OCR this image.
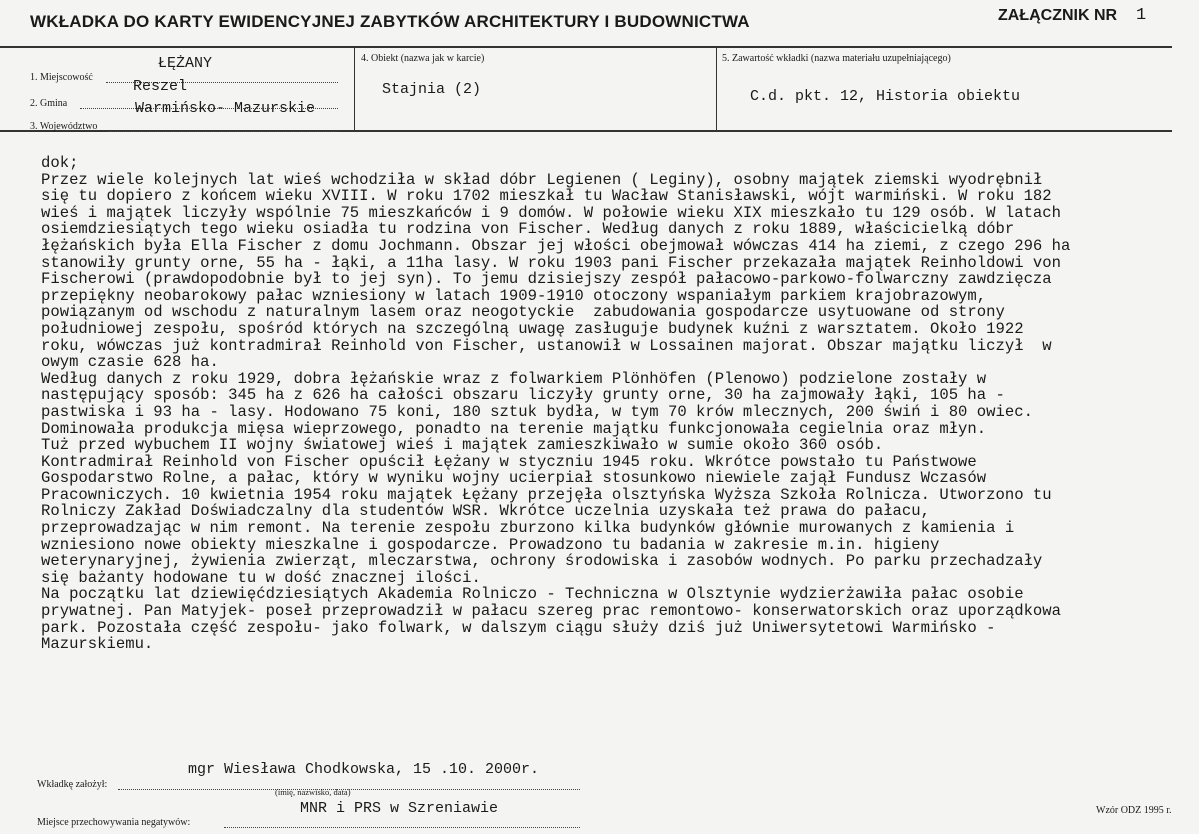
WKŁADKA DO KARTY EWIDENCYJNEJ ZABYTKÓW ARCHITEKTURY I BUDOWNICTWA	ZAŁĄCZNIK NR 1
1. Miejscowość
2. Gmina
3. Województwo
ŁĘŻANY
Reszel
Warmińsko- Mazurskie
4. Obiekt (nazwa jak w karcie)
Stajnia (2)
5. Zawartość wkładki (nazwa materiału uzupełniającego)
C.d. pkt. 12, Historia obiektu
dok;
Przez wiele kolejnych lat wieś wchodziła w skład dóbr Legienen ( Leginy), osobny majątek ziemski wyodrębnił
się tu dopiero z końcem wieku XVIII. W roku 1702 mieszkał tu Wacław Stanisławski, wójt warmiński. W roku 182
wieś i majątek liczyły wspólnie 75 mieszkańców i 9 domów. W połowie wieku XIX mieszkało tu 129 osób. W latach
osiemdziesiątych tego wieku osiadła tu rodzina von Fischer. Według danych z roku 1889, właścicielką dóbr
łężańskich była Ella Fischer z domu Jochmann. Obszar jej włości obejmował wówczas 414 ha ziemi, z czego 296 ha
stanowiły grunty orne, 55 ha - łąki, a 11ha lasy. W roku 1903 pani Fischer przekazała majątek Reinholdowi von
Fischerowi (prawdopodobnie był to jej syn). To jemu dzisiejszy zespół pałacowo-parkowo-folwarczny zawdzięcza
przepiękny neobarokowy pałac wzniesiony w latach 1909-1910 otoczony wspaniałym parkiem krajobrazowym,
powiązanym od wschodu z naturalnym lasem oraz neogotyckie  zabudowania gospodarcze usytuowane od strony
południowej zespołu, spośród których na szczególną uwagę zasługuje budynek kuźni z warsztatem. Około 1922
roku, wówczas już kontradmirał Reinhold von Fischer, ustanowił w Lossainen majorat. Obszar majątku liczył  w
owym czasie 628 ha.
Według danych z roku 1929, dobra łężańskie wraz z folwarkiem Plönhöfen (Plenowo) podzielone zostały w
następujący sposób: 345 ha z 626 ha całości obszaru liczyły grunty orne, 30 ha zajmowały łąki, 105 ha -
pastwiska i 93 ha - lasy. Hodowano 75 koni, 180 sztuk bydła, w tym 70 krów mlecznych, 200 świń i 80 owiec.
Dominowała produkcja mięsa wieprzowego, ponadto na terenie majątku funkcjonowała cegielnia oraz młyn.
Tuż przed wybuchem II wojny światowej wieś i majątek zamieszkiwało w sumie około 360 osób.
Kontradmirał Reinhold von Fischer opuścił Łężany w styczniu 1945 roku. Wkrótce powstało tu Państwowe
Gospodarstwo Rolne, a pałac, który w wyniku wojny ucierpiał stosunkowo niewiele zajął Fundusz Wczasów
Pracowniczych. 10 kwietnia 1954 roku majątek Łężany przejęła olsztyńska Wyższa Szkoła Rolnicza. Utworzono tu
Rolniczy Zakład Doświadczalny dla studentów WSR. Wkrótce uczelnia uzyskała też prawa do pałacu,
przeprowadzając w nim remont. Na terenie zespołu zburzono kilka budynków głównie murowanych z kamienia i
wzniesiono nowe obiekty mieszkalne i gospodarcze. Prowadzono tu badania w zakresie m.in. higieny
weterynaryjnej, żywienia zwierząt, mleczarstwa, ochrony środowiska i zasobów wodnych. Po parku przechadzały
się bażanty hodowane tu w dość znacznej ilości.
Na początku lat dziewięćdziesiątych Akademia Rolniczo - Techniczna w Olsztynie wydzierżawiła pałac osobie
prywatnej. Pan Matyjek- poseł przeprowadził w pałacu szereg prac remontowo- konserwatorskich oraz uporządkowa
park. Pozostała część zespołu- jako folwark, w dalszym ciągu służy dziś już Uniwersytetowi Warmińsko -
Mazurskiemu.
mgr Wiesława Chodkowska, 15 .10. 2000r.
Wkładkę założył:
(imię, nazwisko, data)
MNR i PRS w Szreniawie
Miejsce przechowywania negatywów:
Wzór ODZ 1995 r.
